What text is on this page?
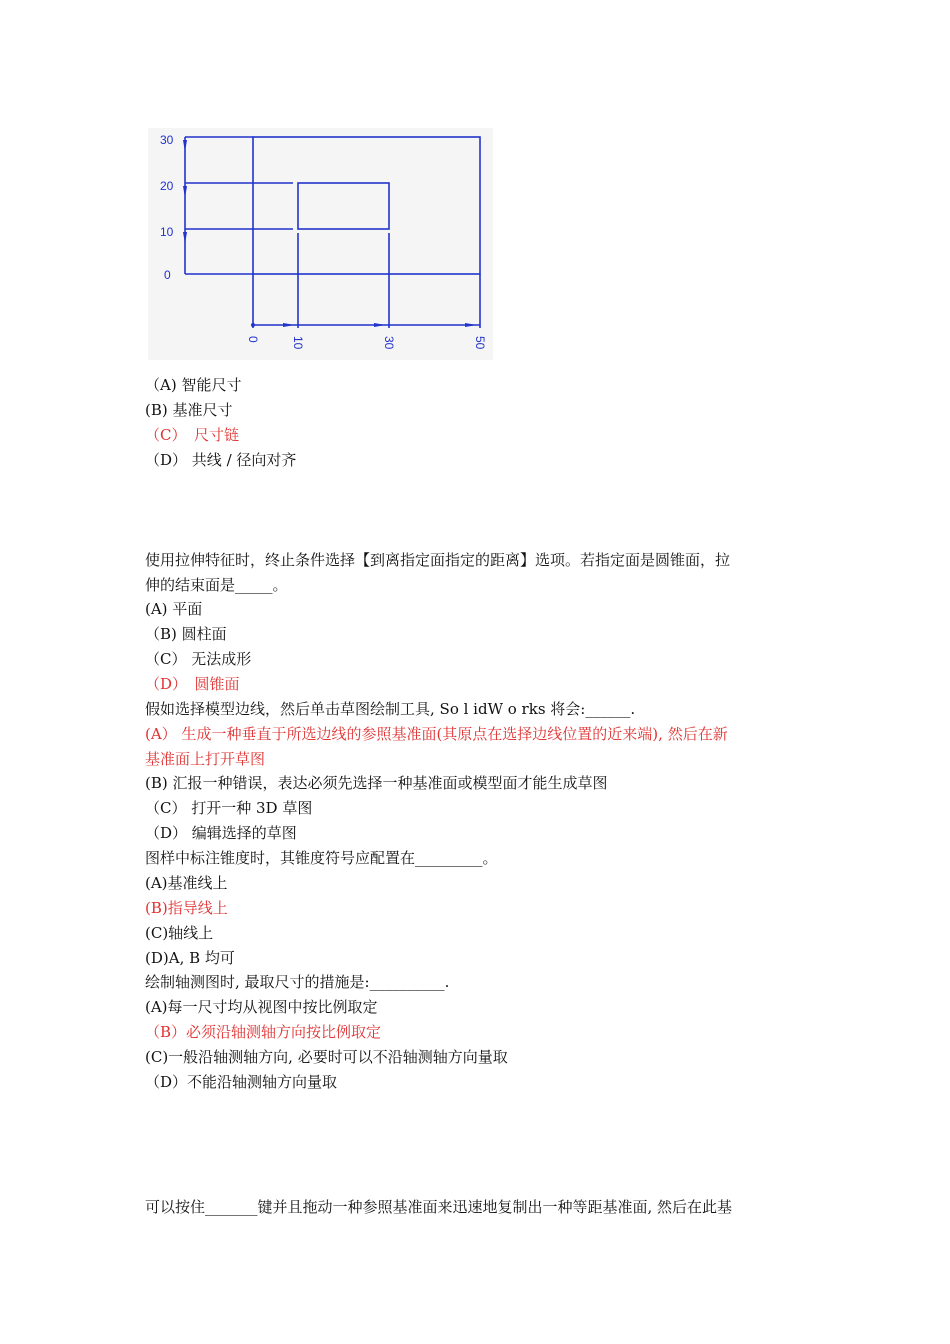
30
20
10
0
0	10	30	50
（A) 智能尺寸
(B) 基准尺寸
（C）　尺寸链
（D） 共线 / 径向对齐
使用拉伸特征时，终止条件选择【到离指定面指定的距离】选项。若指定面是圆锥面，拉
伸的结束面是_____。
(A) 平面
（B) 圆柱面
（C） 无法成形
（D）　圆锥面
假如选择模型边线，然后单击草图绘制工具, So l idW o rks 将会:______.
(A） 生成一种垂直于所选边线的参照基准面(其原点在选择边线位置的近来端), 然后在新
基准面上打开草图
(B) 汇报一种错误，表达必须先选择一种基准面或模型面才能生成草图
（C） 打开一种 3D 草图
（D） 编辑选择的草图
图样中标注锥度时，其锥度符号应配置在_________。
(A)基准线上
(B)指导线上
(C)轴线上
(D)A, B 均可
绘制轴测图时, 最取尺寸的措施是:__________.
(A)每一尺寸均从视图中按比例取定
（B）必须沿轴测轴方向按比例取定
(C)一般沿轴测轴方向, 必要时可以不沿轴测轴方向量取
（D）不能沿轴测轴方向量取
可以按住_______键并且拖动一种参照基准面来迅速地复制出一种等距基准面, 然后在此基
